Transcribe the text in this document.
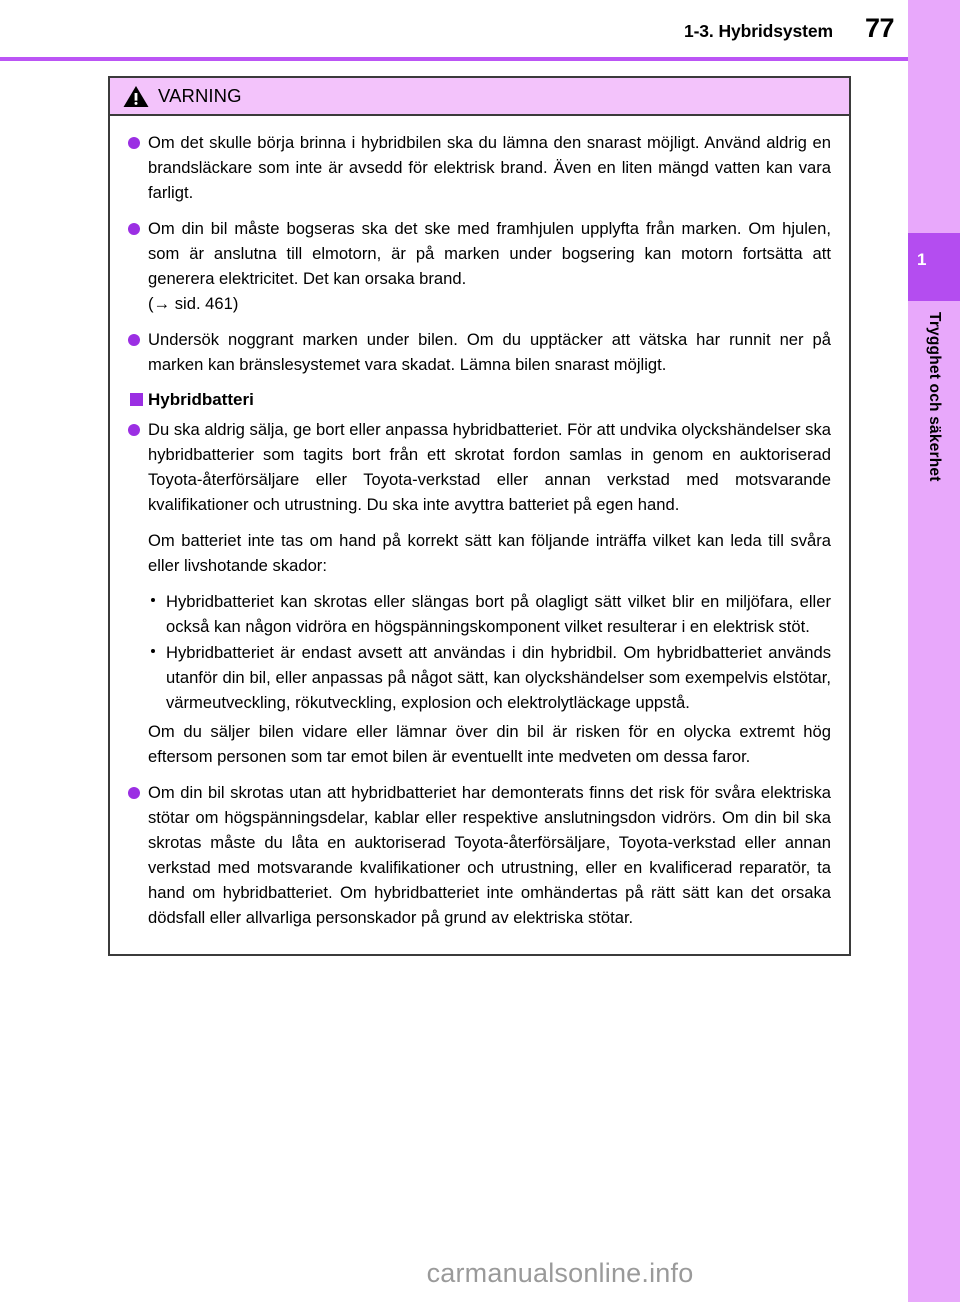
1-3. Hybridsystem 77
1
Trygghet och säkerhet
VARNING

Om det skulle börja brinna i hybridbilen ska du lämna den snarast möjligt. Använd aldrig en brandsläckare som inte är avsedd för elektrisk brand. Även en liten mängd vatten kan vara farligt.

Om din bil måste bogseras ska det ske med framhjulen upplyfta från marken. Om hjulen, som är anslutna till elmotorn, är på marken under bogsering kan motorn fortsätta att generera elektricitet. Det kan orsaka brand.

(→ sid. 461)

Undersök noggrant marken under bilen. Om du upptäcker att vätska har runnit ner på marken kan bränslesystemet vara skadat. Lämna bilen snarast möjligt.

Hybridbatteri

Du ska aldrig sälja, ge bort eller anpassa hybridbatteriet. För att undvika olyckshändelser ska hybridbatterier som tagits bort från ett skrotat fordon samlas in genom en auktoriserad Toyota-återförsäljare eller Toyota-verkstad eller annan verkstad med motsvarande kvalifikationer och utrustning. Du ska inte avyttra batteriet på egen hand.

Om batteriet inte tas om hand på korrekt sätt kan följande inträffa vilket kan leda till svåra eller livshotande skador:

Hybridbatteriet kan skrotas eller slängas bort på olagligt sätt vilket blir en miljöfara, eller också kan någon vidröra en högspänningskomponent vilket resulterar i en elektrisk stöt.

Hybridbatteriet är endast avsett att användas i din hybridbil. Om hybridbatteriet används utanför din bil, eller anpassas på något sätt, kan olyckshändelser som exempelvis elstötar, värmeutveckling, rökutveckling, explosion och elektrolytläckage uppstå.

Om du säljer bilen vidare eller lämnar över din bil är risken för en olycka extremt hög eftersom personen som tar emot bilen är eventuellt inte medveten om dessa faror.

Om din bil skrotas utan att hybridbatteriet har demonterats finns det risk för svåra elektriska stötar om högspänningsdelar, kablar eller respektive anslutningsdon vidrörs. Om din bil ska skrotas måste du låta en auktoriserad Toyota-återförsäljare, Toyota-verkstad eller annan verkstad med motsvarande kvalifikationer och utrustning, eller en kvalificerad reparatör, ta hand om hybridbatteriet. Om hybridbatteriet inte omhändertas på rätt sätt kan det orsaka dödsfall eller allvarliga personskador på grund av elektriska stötar.

carmanualsonline.info
